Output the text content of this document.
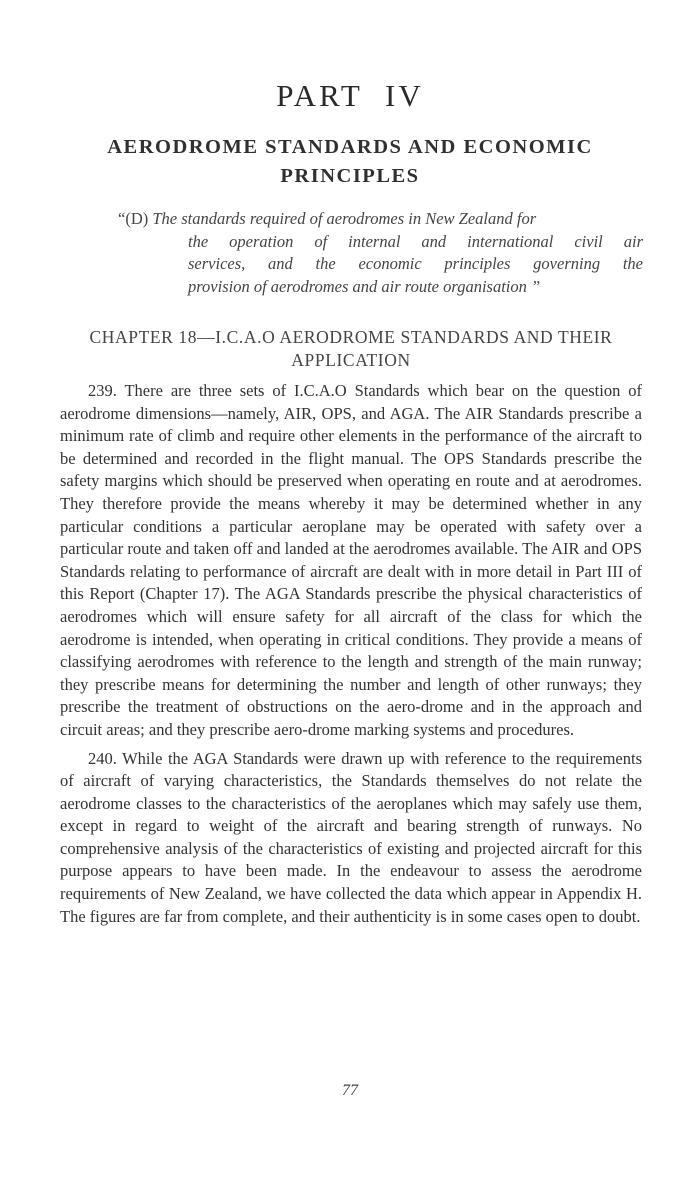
PART IV
AERODROME STANDARDS AND ECONOMIC PRINCIPLES
“(D) The standards required of aerodromes in New Zealand for
the operation of internal and international civil air
services, and the economic principles governing the
provision of aerodromes and air route organisation ”
CHAPTER 18—I.C.A.O AERODROME STANDARDS AND THEIR APPLICATION

239. There are three sets of I.C.A.O Standards which bear on the question of aerodrome dimensions—namely, AIR, OPS, and AGA. The AIR Standards prescribe a minimum rate of climb and require other elements in the performance of the aircraft to be determined and recorded in the flight manual. The OPS Standards prescribe the safety margins which should be preserved when operating en route and at aerodromes. They therefore provide the means whereby it may be determined whether in any particular conditions a particular aeroplane may be operated with safety over a particular route and taken off and landed at the aerodromes available. The AIR and OPS Standards relating to performance of aircraft are dealt with in more detail in Part III of this Report (Chapter 17). The AGA Standards prescribe the physical characteristics of aerodromes which will ensure safety for all aircraft of the class for which the aerodrome is intended, when operating in critical conditions. They provide a means of classifying aerodromes with reference to the length and strength of the main runway; they prescribe means for determining the number and length of other runways; they prescribe the treatment of obstructions on the aero-drome and in the approach and circuit areas; and they prescribe aero-drome marking systems and procedures.

240. While the AGA Standards were drawn up with reference to the requirements of aircraft of varying characteristics, the Standards themselves do not relate the aerodrome classes to the characteristics of the aeroplanes which may safely use them, except in regard to weight of the aircraft and bearing strength of runways. No comprehensive analysis of the characteristics of existing and projected aircraft for this purpose appears to have been made. In the endeavour to assess the aerodrome requirements of New Zealand, we have collected the data which appear in Appendix H. The figures are far from complete, and their authenticity is in some cases open to doubt.

77
